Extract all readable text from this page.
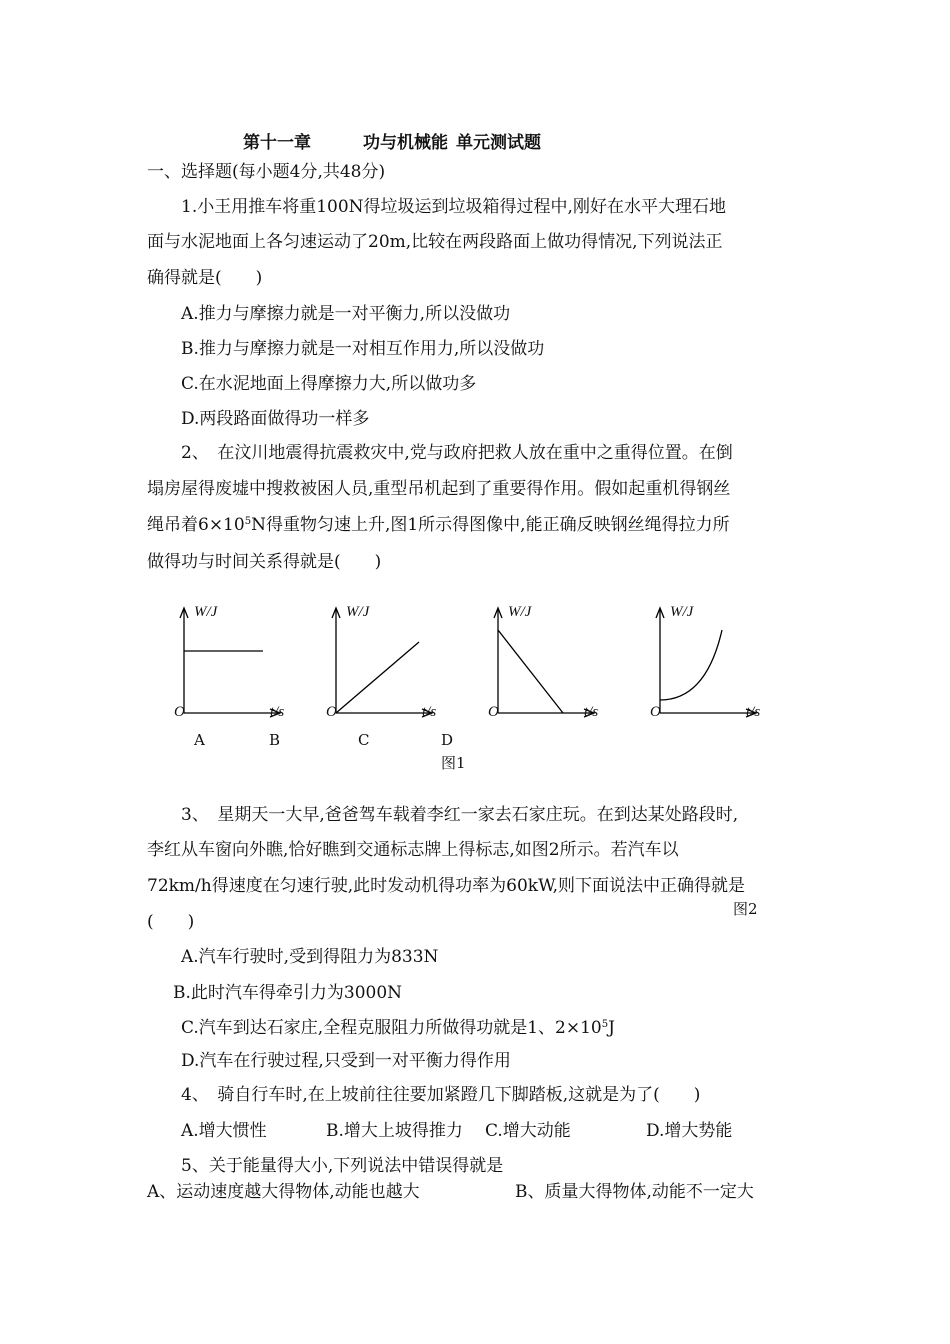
第十一章	功与机械能 单元测试题
一、选择题(每小题4分,共48分)
1.小王用推车将重100N得垃圾运到垃圾箱得过程中,刚好在水平大理石地
面与水泥地面上各匀速运动了20m,比较在两段路面上做功得情况,下列说法正
确得就是(　　)
A.推力与摩擦力就是一对平衡力,所以没做功
B.推力与摩擦力就是一对相互作用力,所以没做功
C.在水泥地面上得摩擦力大,所以做功多
D.两段路面做得功一样多
2、　在汶川地震得抗震救灾中,党与政府把救人放在重中之重得位置。在倒
塌房屋得废墟中搜救被困人员,重型吊机起到了重要得作用。假如起重机得钢丝
绳吊着$6\times 10^5N$得重物匀速上升,图1所示得图像中,能正确反映钢丝绳得拉力所
做得功与时间关系得就是(　　)
W/J
O	t/s
W/J
O	t/s
W/J
O	t/s
W/J
O	t/s
A	B	C	D
图1
3、　星期天一大早,爸爸驾车载着李红一家去石家庄玩。在到达某处路段时,
李红从车窗向外瞧,恰好瞧到交通标志牌上得标志,如图2所示。若汽车以
72km/h得速度在匀速行驶,此时发动机得功率为60kW,则下面说法中正确得就是
图2
(　　)
A.汽车行驶时,受到得阻力为833N
B.此时汽车得牵引力为3000N
C.汽车到达石家庄,全程克服阻力所做得功就是1、$2\times 10^5J$
D.汽车在行驶过程,只受到一对平衡力得作用
4、　骑自行车时,在上坡前往往要加紧蹬几下脚踏板,这就是为了(　　)
A.增大惯性	B.增大上坡得推力 C.增大动能	D.增大势能
5、关于能量得大小,下列说法中错误得就是
A、运动速度越大得物体,动能也越大	B、质量大得物体,动能不一定大
